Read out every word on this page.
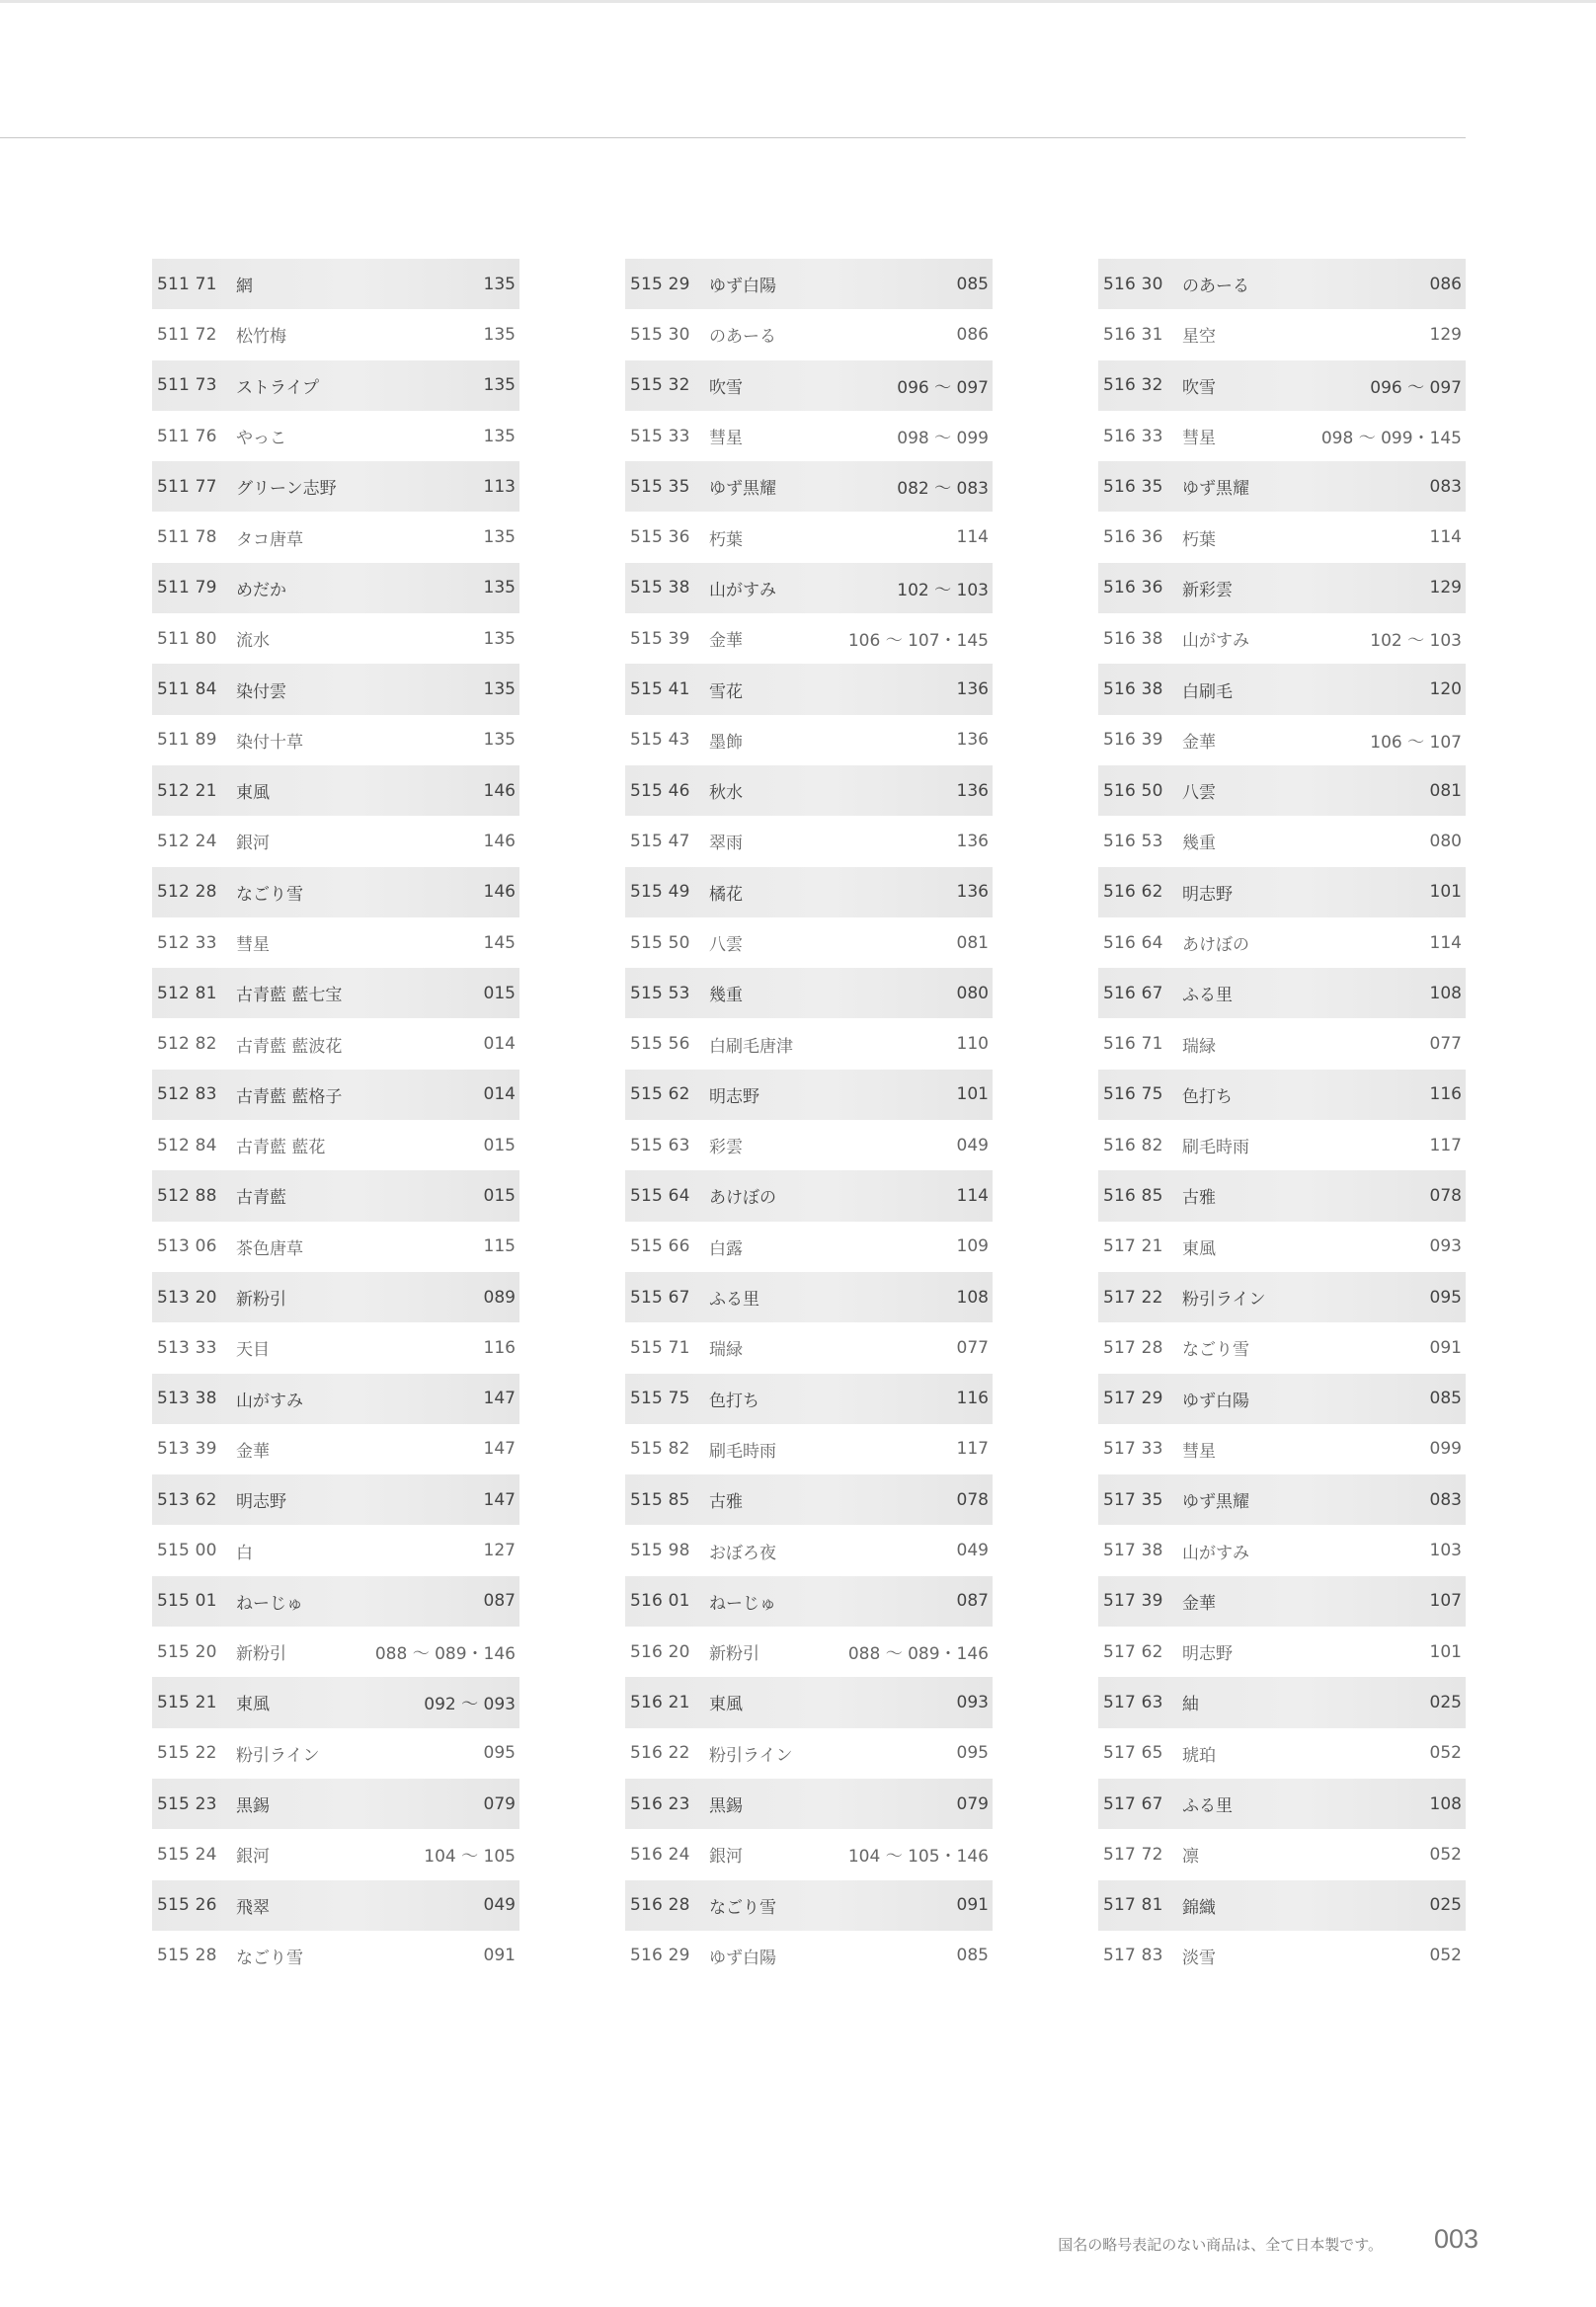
511 71	網	135
511 72	松竹梅	135
511 73	ストライプ	135
511 76	やっこ	135
511 77	グリーン志野	113
511 78	タコ唐草	135
511 79	めだか	135
511 80	流水	135
511 84	染付雲	135
511 89	染付十草	135
512 21	東風	146
512 24	銀河	146
512 28	なごり雪	146
512 33	彗星	145
512 81	古青藍 藍七宝	015
512 82	古青藍 藍波花	014
512 83	古青藍 藍格子	014
512 84	古青藍 藍花	015
512 88	古青藍	015
513 06	茶色唐草	115
513 20	新粉引	089
513 33	天目	116
513 38	山がすみ	147
513 39	金華	147
513 62	明志野	147
515 00	白	127
515 01	ねーじゅ	087
515 20	新粉引	088 ～ 089・146
515 21	東風	092 ～ 093
515 22	粉引ライン	095
515 23	黒錫	079
515 24	銀河	104 ～ 105
515 26	飛翠	049
515 28	なごり雪	091
515 29	ゆず白陽	085
515 30	のあーる	086
515 32	吹雪	096 ～ 097
515 33	彗星	098 ～ 099
515 35	ゆず黒耀	082 ～ 083
515 36	朽葉	114
515 38	山がすみ	102 ～ 103
515 39	金華	106 ～ 107・145
515 41	雪花	136
515 43	墨飾	136
515 46	秋水	136
515 47	翠雨	136
515 49	橘花	136
515 50	八雲	081
515 53	幾重	080
515 56	白刷毛唐津	110
515 62	明志野	101
515 63	彩雲	049
515 64	あけぼの	114
515 66	白露	109
515 67	ふる里	108
515 71	瑞緑	077
515 75	色打ち	116
515 82	刷毛時雨	117
515 85	古雅	078
515 98	おぼろ夜	049
516 01	ねーじゅ	087
516 20	新粉引	088 ～ 089・146
516 21	東風	093
516 22	粉引ライン	095
516 23	黒錫	079
516 24	銀河	104 ～ 105・146
516 28	なごり雪	091
516 29	ゆず白陽	085
516 30	のあーる	086
516 31	星空	129
516 32	吹雪	096 ～ 097
516 33	彗星	098 ～ 099・145
516 35	ゆず黒耀	083
516 36	朽葉	114
516 36	新彩雲	129
516 38	山がすみ	102 ～ 103
516 38	白刷毛	120
516 39	金華	106 ～ 107
516 50	八雲	081
516 53	幾重	080
516 62	明志野	101
516 64	あけぼの	114
516 67	ふる里	108
516 71	瑞緑	077
516 75	色打ち	116
516 82	刷毛時雨	117
516 85	古雅	078
517 21	東風	093
517 22	粉引ライン	095
517 28	なごり雪	091
517 29	ゆず白陽	085
517 33	彗星	099
517 35	ゆず黒耀	083
517 38	山がすみ	103
517 39	金華	107
517 62	明志野	101
517 63	紬	025
517 65	琥珀	052
517 67	ふる里	108
517 72	凛	052
517 81	錦織	025
517 83	淡雪	052
国名の略号表記のない商品は、全て日本製です。 003
